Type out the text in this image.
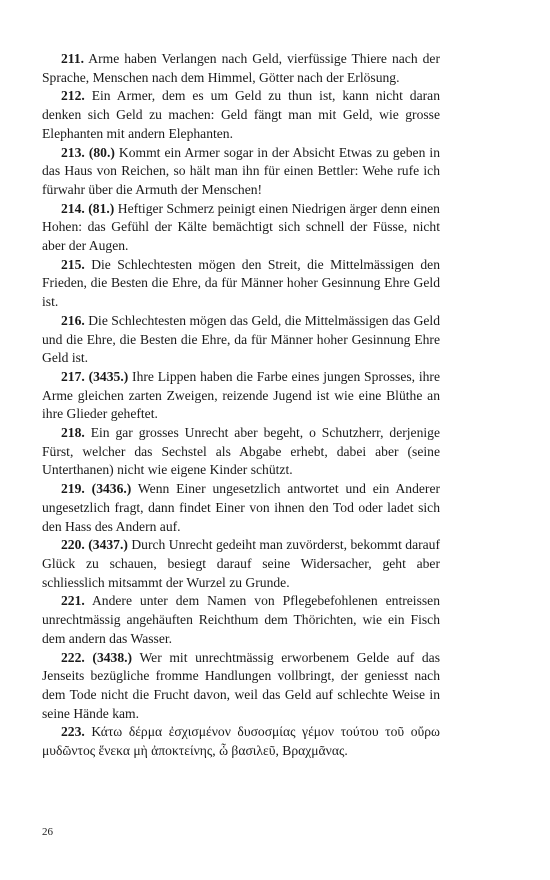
211. Arme haben Verlangen nach Geld, vierfüssige Thiere nach der Sprache, Menschen nach dem Himmel, Götter nach der Erlösung.

212. Ein Armer, dem es um Geld zu thun ist, kann nicht daran denken sich Geld zu machen: Geld fängt man mit Geld, wie grosse Elephanten mit andern Elephanten.

213. (80.) Kommt ein Armer sogar in der Absicht Etwas zu geben in das Haus von Reichen, so hält man ihn für einen Bettler: Wehe rufe ich fürwahr über die Armuth der Menschen!

214. (81.) Heftiger Schmerz peinigt einen Niedrigen ärger denn einen Hohen: das Gefühl der Kälte bemächtigt sich schnell der Füsse, nicht aber der Augen.

215. Die Schlechtesten mögen den Streit, die Mittelmässigen den Frieden, die Besten die Ehre, da für Männer hoher Gesinnung Ehre Geld ist.

216. Die Schlechtesten mögen das Geld, die Mittelmässigen das Geld und die Ehre, die Besten die Ehre, da für Männer hoher Gesinnung Ehre Geld ist.

217. (3435.) Ihre Lippen haben die Farbe eines jungen Sprosses, ihre Arme gleichen zarten Zweigen, reizende Jugend ist wie eine Blüthe an ihre Glieder geheftet.

218. Ein gar grosses Unrecht aber begeht, o Schutzherr, derjenige Fürst, welcher das Sechstel als Abgabe erhebt, dabei aber (seine Unterthanen) nicht wie eigene Kinder schützt.

219. (3436.) Wenn Einer ungesetzlich antwortet und ein Anderer ungesetzlich fragt, dann findet Einer von ihnen den Tod oder ladet sich den Hass des Andern auf.

220. (3437.) Durch Unrecht gedeiht man zuvörderst, bekommt darauf Glück zu schauen, besiegt darauf seine Widersacher, geht aber schliesslich mitsammt der Wurzel zu Grunde.

221. Andere unter dem Namen von Pflegebefohlenen entreissen unrechtmässig angehäuften Reichthum dem Thörichten, wie ein Fisch dem andern das Wasser.

222. (3438.) Wer mit unrechtmässig erworbenem Gelde auf das Jenseits bezügliche fromme Handlungen vollbringt, der geniesst nach dem Tode nicht die Frucht davon, weil das Geld auf schlechte Weise in seine Hände kam.

223. Κάτω δέρμα ἐσχισμένον δυσοσμίας γέμον τούτου τοῦ οὔρω μυδῶντος ἕνεκα μὴ ἀποκτείνης, ὦ βασιλεῦ, Βραχμᾶνας.

26
